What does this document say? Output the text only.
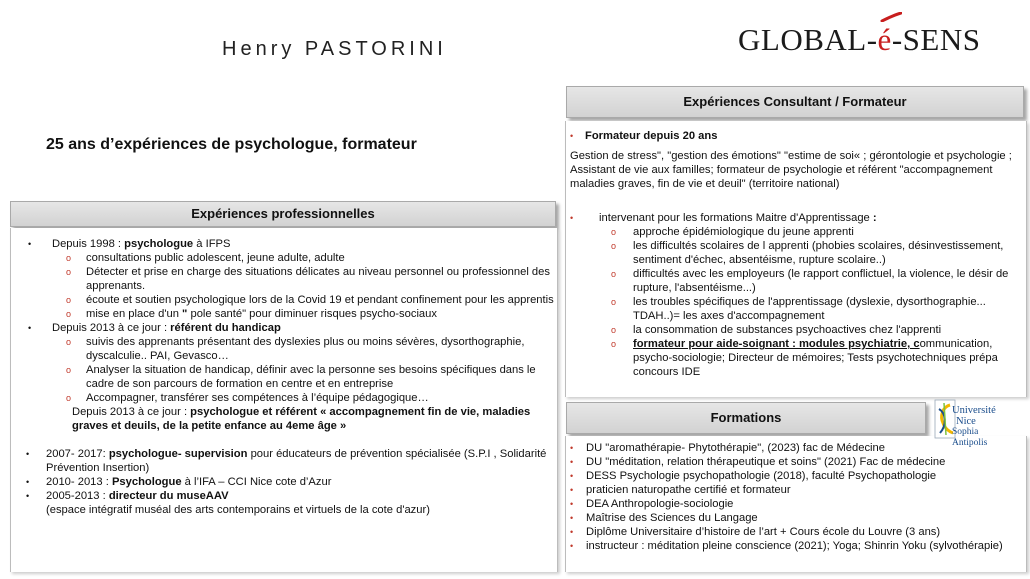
Henry PASTORINI	GLOBAL-
é-SENS
25 ans d’expériences de psychologue, formateur
Expériences professionnelles
• Depuis 1998 : psychologue à IFPS
o consultations public adolescent, jeune adulte, adulte
o Détecter et prise en charge des situations délicates au niveau personnel ou professionnel des apprenants.
o écoute et soutien psychologique lors de la Covid 19 et pendant confinement pour les apprentis
o mise en place d'un " pole santé" pour diminuer risques psycho-sociaux
• Depuis 2013 à ce jour : référent du handicap
o suivis des apprenants présentant des dyslexies plus ou moins sévères, dysorthographie, dyscalculie.. PAI, Gevasco…
o Analyser la situation de handicap, définir avec la personne ses besoins spécifiques dans le cadre de son parcours de formation en centre et en entreprise
o Accompagner, transférer ses compétences à l’équipe pédagogique…
Depuis 2013 à ce jour : psychologue et référent « accompagnement fin de vie, maladies graves et deuils, de la petite enfance au 4eme âge »
• 2007- 2017: psychologue- supervision pour éducateurs de prévention spécialisée (S.P.I , Solidarité Prévention Insertion)
• 2010- 2013 : Psychologue à l’IFA – CCI Nice cote d’Azur
• 2005-2013 : directeur du museAAV
(espace intégratif muséal des arts contemporains et virtuels de la cote d'azur)
Expériences Consultant / Formateur
• Formateur depuis 20 ans
Gestion de stress", "gestion des émotions" "estime de soi« ; gérontologie et psychologie ; Assistant de vie aux familles; formateur de psychologie et référent "accompagnement maladies graves, fin de vie et deuil" (territoire national)
• intervenant pour les formations Maitre d'Apprentissage :
o approche épidémiologique du jeune apprenti
o les difficultés scolaires de l apprenti (phobies scolaires, désinvestissement, sentiment d'échec, absentéisme, rupture scolaire..)
o difficultés avec les employeurs (le rapport conflictuel, la violence, le désir de rupture, l'absentéisme...)
o les troubles spécifiques de l'apprentissage (dyslexie, dysorthographie... TDAH..)= les axes d'accompagnement
o la consommation de substances psychoactives chez l'apprenti
o formateur pour aide-soignant : modules psychiatrie, communication, psycho-sociologie; Directeur de mémoires; Tests psychotechniques prépa concours IDE
Formations	Université
Nice
Sophia Antipolis
• DU "aromathérapie- Phytothérapie", (2023) fac de Médecine
• DU "méditation, relation thérapeutique et soins" (2021) Fac de médecine
• DESS Psychologie psychopathologie (2018), faculté Psychopathologie
• praticien naturopathe certifié et formateur
• DEA Anthropologie-sociologie
• Maîtrise des Sciences du Langage
• Diplôme Universitaire d’histoire de l’art + Cours école du Louvre (3 ans)
• instructeur : méditation pleine conscience (2021); Yoga; Shinrin Yoku (sylvothérapie)
